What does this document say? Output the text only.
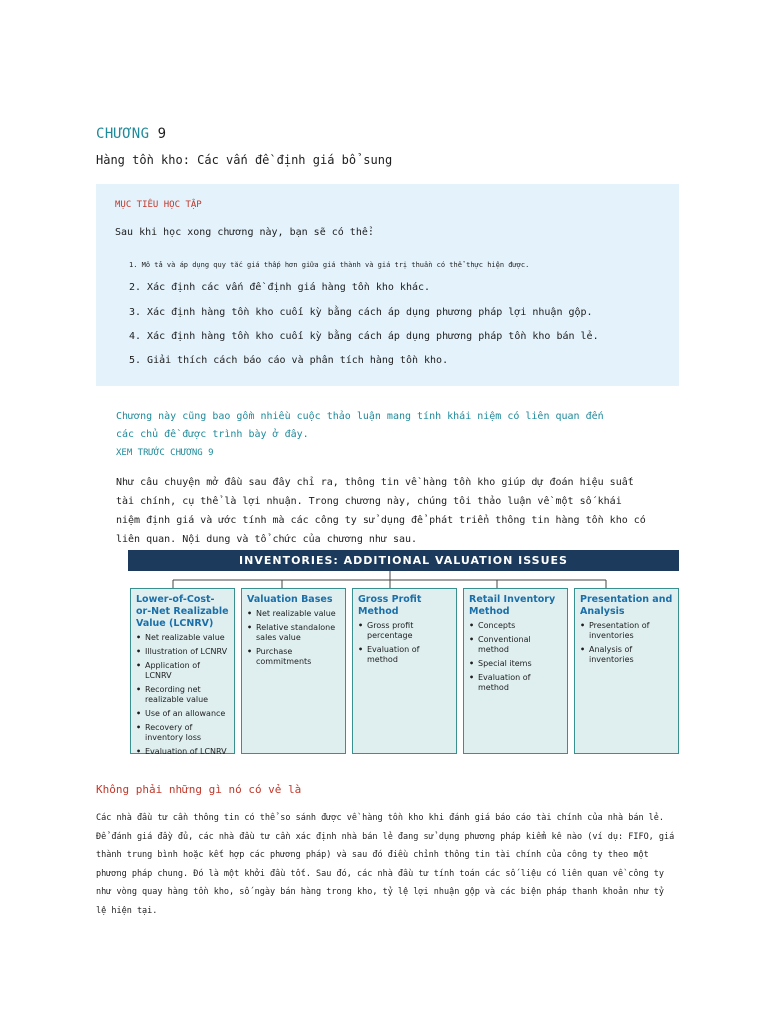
CHƯƠNG 9
Hàng tồn kho: Các vấn đề định giá bổ sung
MỤC TIÊU HỌC TẬP
Sau khi học xong chương này, bạn sẽ có thể:
1. Mô tả và áp dụng quy tắc giá thấp hơn giữa giá thành và giá trị thuần có thể thực hiện được.
2. Xác định các vấn đề định giá hàng tồn kho khác.
3. Xác định hàng tồn kho cuối kỳ bằng cách áp dụng phương pháp lợi nhuận gộp.
4. Xác định hàng tồn kho cuối kỳ bằng cách áp dụng phương pháp tồn kho bán lẻ.
5. Giải thích cách báo cáo và phân tích hàng tồn kho.
Chương này cũng bao gồm nhiều cuộc thảo luận mang tính khái niệm có liên quan đến các chủ đề được trình bày ở đây.
XEM TRƯỚC CHƯƠNG 9
Như câu chuyện mở đầu sau đây chỉ ra, thông tin về hàng tồn kho giúp dự đoán hiệu suất tài chính, cụ thể là lợi nhuận. Trong chương này, chúng tôi thảo luận về một số khái niệm định giá và ước tính mà các công ty sử dụng để phát triển thông tin hàng tồn kho có liên quan. Nội dung và tổ chức của chương như sau.
INVENTORIES: ADDITIONAL VALUATION ISSUES
Lower-of-Cost-
or-Net Realizable
Value (LCNRV)
• Net realizable value
• Illustration of LCNRV
• Application of LCNRV
• Recording net realizable value
• Use of an allowance
• Recovery of inventory loss
• Evaluation of LCNRV
Valuation Bases
• Net realizable value
• Relative standalone sales value
• Purchase commitments
Gross Profit
Method
• Gross profit percentage
• Evaluation of method
Retail Inventory
Method
• Concepts
• Conventional method
• Special items
• Evaluation of method
Presentation and
Analysis
• Presentation of inventories
• Analysis of inventories
Không phải những gì nó có vẻ là
Các nhà đầu tư cần thông tin có thể so sánh được về hàng tồn kho khi đánh giá báo cáo tài chính của nhà bán lẻ. Để đánh giá đầy đủ, các nhà đầu tư cần xác định nhà bán lẻ đang sử dụng phương pháp kiểm kê nào (ví dụ: FIFO, giá thành trung bình hoặc kết hợp các phương pháp) và sau đó điều chỉnh thông tin tài chính của công ty theo một phương pháp chung. Đó là một khởi đầu tốt. Sau đó, các nhà đầu tư tính toán các số liệu có liên quan về công ty như vòng quay hàng tồn kho, số ngày bán hàng trong kho, tỷ lệ lợi nhuận gộp và các biện pháp thanh khoản như tỷ lệ hiện tại.
